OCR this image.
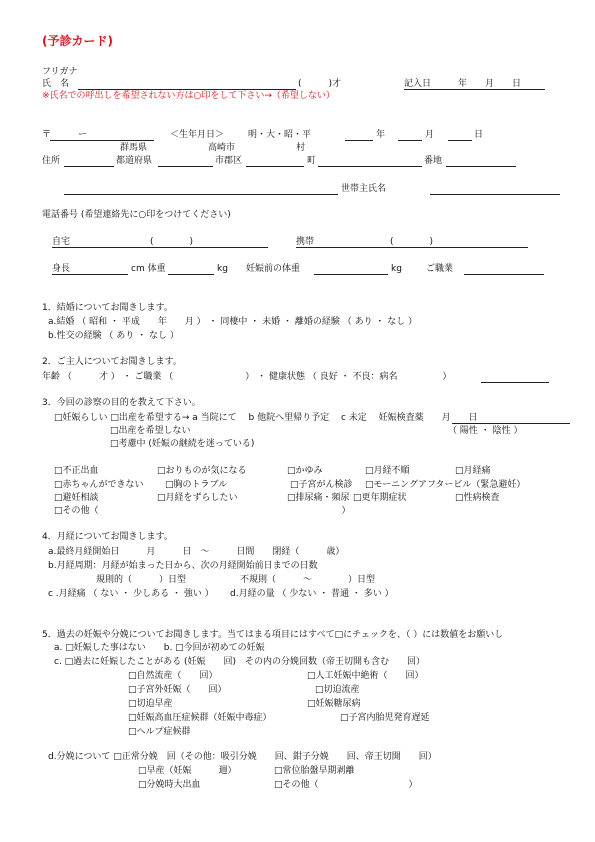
(予診カード)
フリガナ
氏　名	(　　　)才	記入日　　　年　　月　　日
※氏名での呼出しを希望されない方は○印をして下さい→（希望しない）
〒　　　ー	＜生年月日＞	明・大・昭・平	年	月	日
群馬県	高崎市	村
住所	都道府県	市郡区	町	番地
世帯主氏名
電話番号 (希望連絡先に○印をつけてください)
自宅	(　　　　)	携帯	(　　　　)
身長	cm 体重	kg 妊娠前の体重	kg	ご職業
1．結婚についてお聞きします。
a.結婚 （ 昭和 ・ 平成　　年　　月 ） ・ 同棲中 ・ 未婚 ・ 離婚の経験 （ あり ・ なし ）
b.性交の経験 （ あり ・ なし ）
2．ご主人についてお聞きします。
年齢 （　　　才 ） ・ ご職業 （　　　　　　　　） ・ 健康状態 （ 良好 ・ 不良：病名　　　　　）
3．今回の診察の目的を教えて下さい。
□妊娠らしい □出産を希望する→ a 当院にて　 b 他院へ里帰り予定　 c 未定　 妊娠検査薬　　月　　日
□出産を希望しない	（ 陽性 ・ 陰性 ）
□考慮中 (妊娠の継続を迷っている)
□不正出血	□おりものが気になる	□かゆみ	□月経不順	□月経痛
□赤ちゃんができない □胸のトラブル	□子宮がん検診 □モーニングアフタービル（緊急避妊）
□避妊相談	□月経をずらしたい	□排尿痛・頻尿 □更年期症状	□性病検査
□その他（　　　　　　　　　　　　　　　　　　　　　　　　　　　）
4．月経についてお聞きします。
a.最終月経開始日　　　月　　　日　〜　　　日間　　閉経（　　　歳）
b.月経周期：月経が始まった日から、次の月経開始前日までの日数
規則的（　　　）日型　　　　　　不規則（　　　〜　　　　）日型
c .月経痛 （ ない ・ 少しある ・ 強い ）　　 d.月経の量 （ 少ない ・ 普通 ・ 多い ）
5．過去の妊娠や分娩についてお聞きします。当てはまる項目にはすべて□にチェックを、（ ）には数値をお願いし
a. □妊娠した事はない　　b. □今回が初めての妊娠
c. □過去に妊娠したことがある (妊娠　　回)　その内の分娩回数（帝王切開も含む　　回）
□自然流産（　　回）	□人工妊娠中絶術（　　回）
□子宮外妊娠（　　回）	□切迫流産
□切迫早産	□妊娠糖尿病
□妊娠高血圧症候群（妊娠中毒症）	□子宮内胎児発育遅延
□ヘルプ症候群
d.分娩について □正常分娩　回（その他：吸引分娩　　回、鉗子分娩　　回、帝王切開　　回）
□早産（妊娠　　　週）	□常位胎盤早期剥離
□分娩時大出血	□その他（　　　　　　　　　　）
